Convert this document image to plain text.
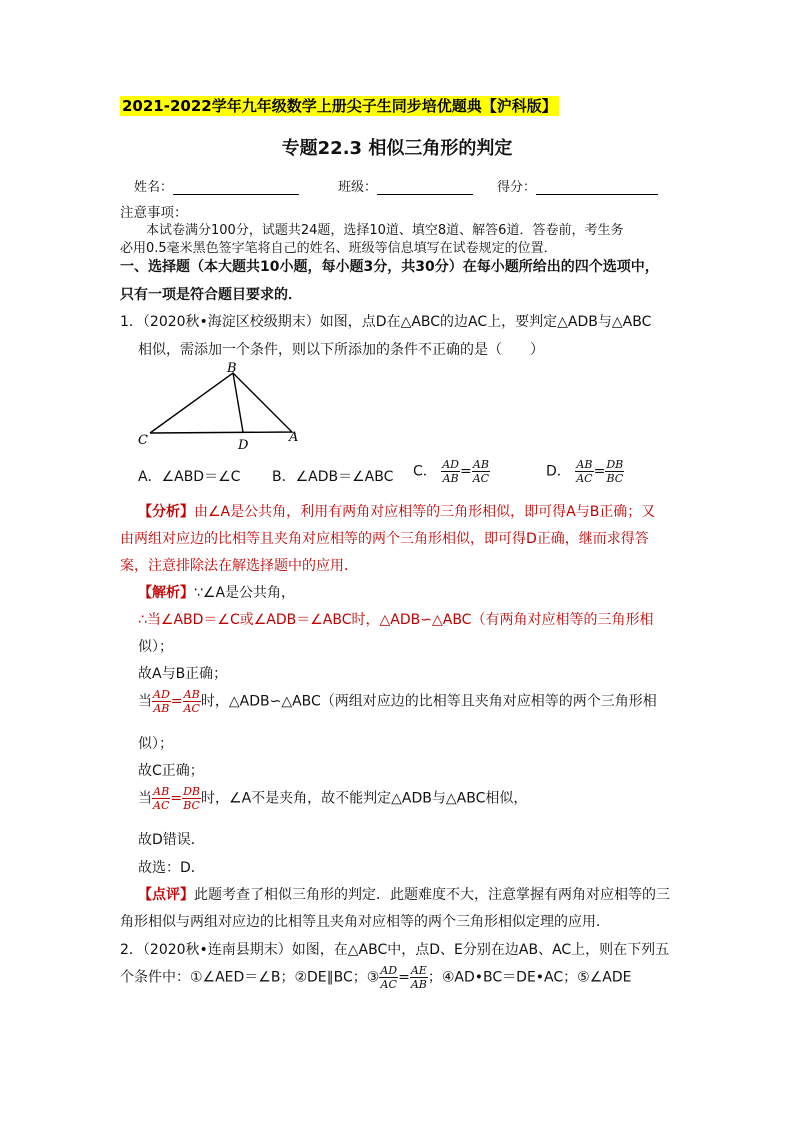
2021-2022学年九年级数学上册尖子生同步培优题典【沪科版】
专题22.3 相似三角形的判定
姓名：	班级：	得分：
注意事项：
本试卷满分100分，试题共24题，选择10道、填空8道、解答6道．答卷前，考生务
必用0.5毫米黑色签字笔将自己的姓名、班级等信息填写在试卷规定的位置．
一、选择题（本大题共10小题，每小题3分，共30分）在每小题所给出的四个选项中，
只有一项是符合题目要求的．
1．（2020秋•海淀区校级期末）如图，点D在△ABC的边AC上，要判定△ADB与△ABC
相似，需添加一个条件，则以下所添加的条件不正确的是（　　）
B
C	D
A
A．∠ABD＝∠C B．∠ADB＝∠ABC C． $\frac{AD}{AB} = \frac{AB}{AC}$	D． $\frac{AB}{AC} = \frac{DB}{BC}$
【分析】由∠A是公共角，利用有两角对应相等的三角形相似，即可得A与B正确；又
由两组对应边的比相等且夹角对应相等的两个三角形相似，即可得D正确，继而求得答
案，注意排除法在解选择题中的应用．
【解析】∵∠A是公共角，
∴当∠ABD＝∠C或∠ADB＝∠ABC时，△ADB∽△ABC（有两角对应相等的三角形相
似）；
故A与B正确；
当 $\frac{AD}{AB} = \frac{AB}{AC}$ 时，△ADB∽△ABC（两组对应边的比相等且夹角对应相等的两个三角形相
似）；
故C正确；
当 $\frac{AB}{AC} = \frac{DB}{BC}$ 时，∠A不是夹角，故不能判定△ADB与△ABC相似，
故D错误．
故选：D．
【点评】此题考查了相似三角形的判定．此题难度不大，注意掌握有两角对应相等的三
角形相似与两组对应边的比相等且夹角对应相等的两个三角形相似定理的应用．
2．（2020秋•连南县期末）如图，在△ABC中，点D、E分别在边AB、AC上，则在下列五
个条件中：①∠AED＝∠B；②DE∥BC；③ $\frac{AD}{AC} = \frac{AE}{AB}$ ；④AD•BC＝DE•AC；⑤∠ADE
